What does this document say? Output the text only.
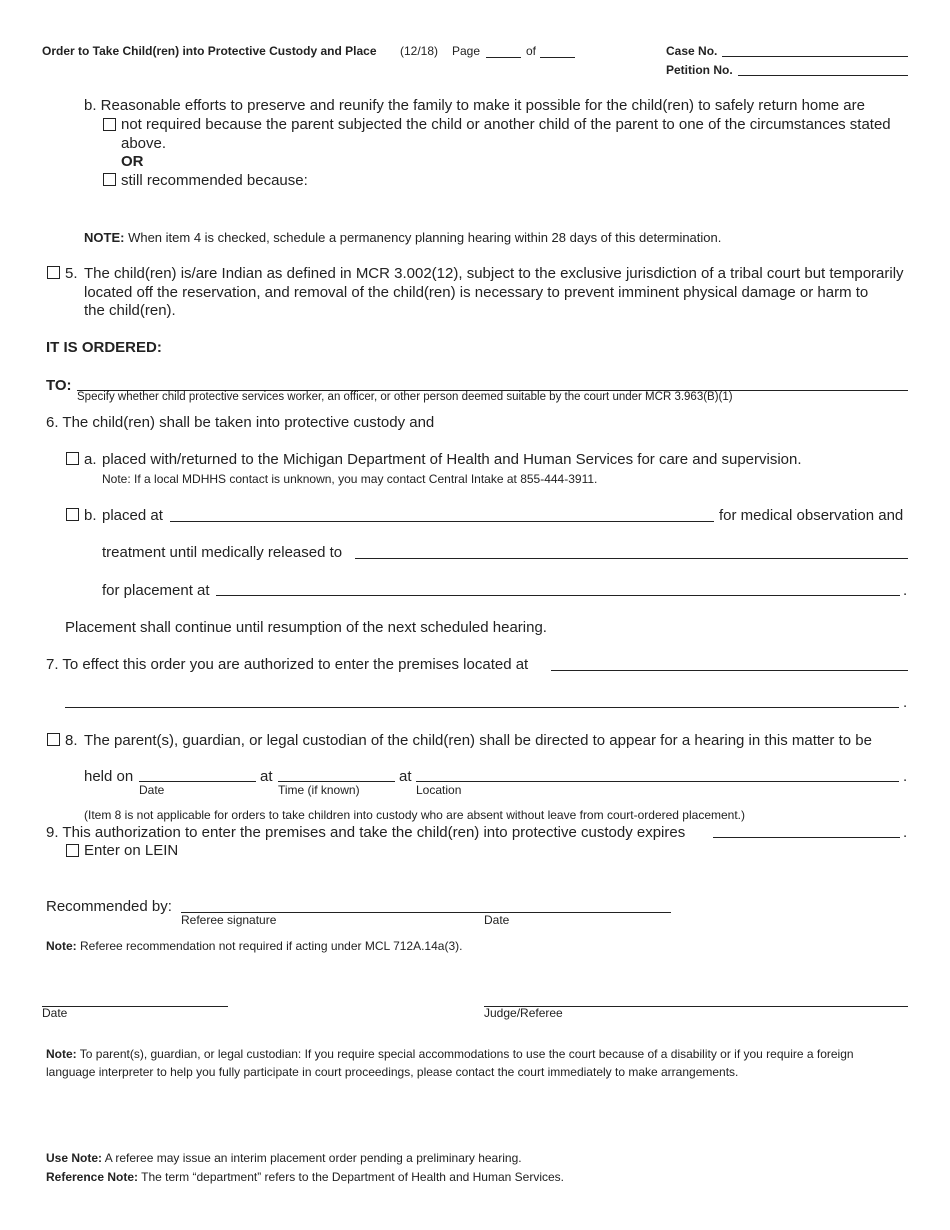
Order to Take Child(ren) into Protective Custody and Place (12/18) Page	of	Case No.
Petition No.
b. Reasonable efforts to preserve and reunify the family to make it possible for the child(ren) to safely return home are
not required because the parent subjected the child or another child of the parent to one of the circumstances stated
above.
OR
still recommended because:
NOTE: When item 4 is checked, schedule a permanency planning hearing within 28 days of this determination.
5. The child(ren) is/are Indian as defined in MCR 3.002(12), subject to the exclusive jurisdiction of a tribal court but temporarily
located off the reservation, and removal of the child(ren) is necessary to prevent imminent physical damage or harm to
the child(ren).
IT IS ORDERED:
TO:
Specify whether child protective services worker, an officer, or other person deemed suitable by the court under MCR 3.963(B)(1)
6. The child(ren) shall be taken into protective custody and
a. placed with/returned to the Michigan Department of Health and Human Services for care and supervision.
Note: If a local MDHHS contact is unknown, you may contact Central Intake at 855-444-3911.
b. placed at	for medical observation and
treatment until medically released to
for placement at	.
Placement shall continue until resumption of the next scheduled hearing.
7. To effect this order you are authorized to enter the premises located at
.
8. The parent(s), guardian, or legal custodian of the child(ren) shall be directed to appear for a hearing in this matter to be
held on
Date
at
Time (if known)
at
Location
.
(Item 8 is not applicable for orders to take children into custody who are absent without leave from court-ordered placement.)
9. This authorization to enter the premises and take the child(ren) into protective custody expires	.
Enter on LEIN
Recommended by:
Referee signature	Date
Note: Referee recommendation not required if acting under MCL 712A.14a(3).
Date	Judge/Referee
Note: To parent(s), guardian, or legal custodian: If you require special accommodations to use the court because of a disability or if you require a foreign
language interpreter to help you fully participate in court proceedings, please contact the court immediately to make arrangements.
Use Note: A referee may issue an interim placement order pending a preliminary hearing.
Reference Note: The term “department” refers to the Department of Health and Human Services.
